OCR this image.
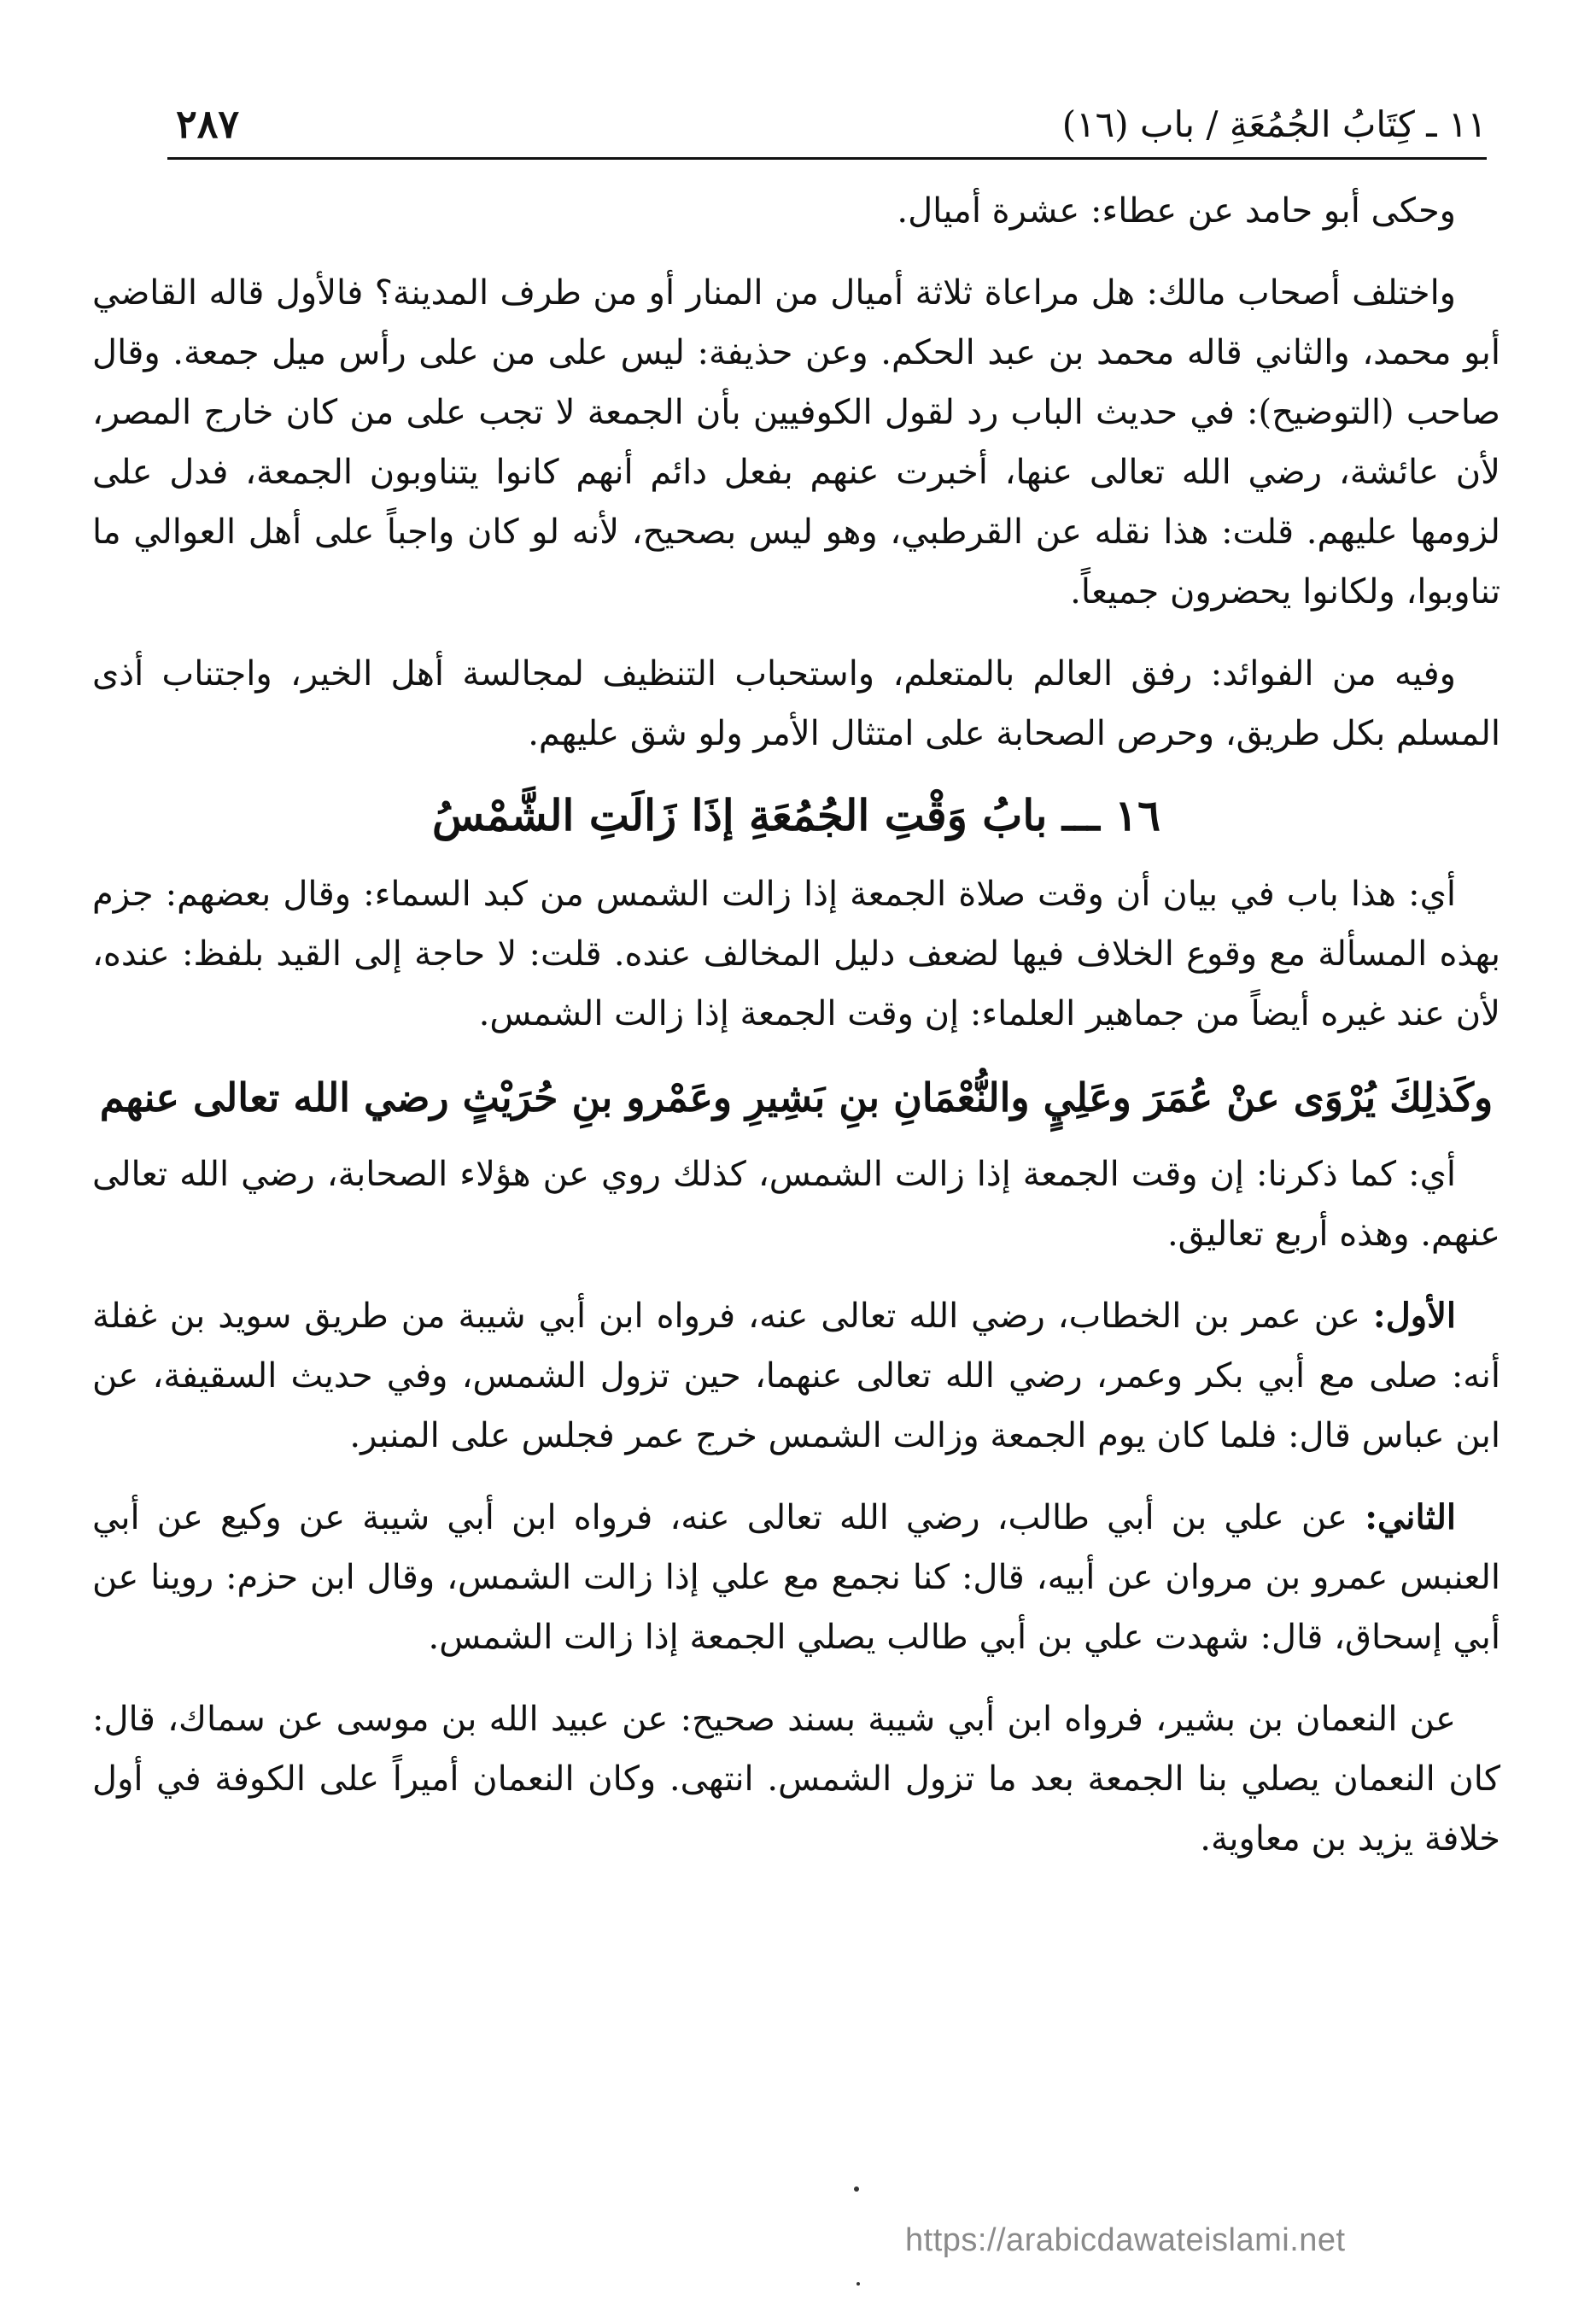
١١ ـ كِتَابُ الجُمُعَةِ / باب (١٦)
٢٨٧

وحكى أبو حامد عن عطاء: عشرة أميال.

واختلف أصحاب مالك: هل مراعاة ثلاثة أميال من المنار أو من طرف المدينة؟ فالأول قاله القاضي أبو محمد، والثاني قاله محمد بن عبد الحكم. وعن حذيفة: ليس على من على رأس ميل جمعة. وقال صاحب (التوضيح): في حديث الباب رد لقول الكوفيين بأن الجمعة لا تجب على من كان خارج المصر، لأن عائشة، رضي الله تعالى عنها، أخبرت عنهم بفعل دائم أنهم كانوا يتناوبون الجمعة، فدل على لزومها عليهم. قلت: هذا نقله عن القرطبي، وهو ليس بصحيح، لأنه لو كان واجباً على أهل العوالي ما تناوبوا، ولكانوا يحضرون جميعاً.

وفيه من الفوائد: رفق العالم بالمتعلم، واستحباب التنظيف لمجالسة أهل الخير، واجتناب أذى المسلم بكل طريق، وحرص الصحابة على امتثال الأمر ولو شق عليهم.

١٦ ـــ بابُ وَقْتِ الجُمُعَةِ إذَا زَالَتِ الشَّمْسُ

أي: هذا باب في بيان أن وقت صلاة الجمعة إذا زالت الشمس من كبد السماء: وقال بعضهم: جزم بهذه المسألة مع وقوع الخلاف فيها لضعف دليل المخالف عنده. قلت: لا حاجة إلى القيد بلفظ: عنده، لأن عند غيره أيضاً من جماهير العلماء: إن وقت الجمعة إذا زالت الشمس.

وكَذلِكَ يُرْوَى عنْ عُمَرَ وعَلِيٍ والنُّعْمَانِ بنِ بَشِيرِ وعَمْرو بنِ حُرَيْثٍ رضي الله تعالى عنهم

أي: كما ذكرنا: إن وقت الجمعة إذا زالت الشمس، كذلك روي عن هؤلاء الصحابة، رضي الله تعالى عنهم. وهذه أربع تعاليق.

الأول: عن عمر بن الخطاب، رضي الله تعالى عنه، فرواه ابن أبي شيبة من طريق سويد بن غفلة أنه: صلى مع أبي بكر وعمر، رضي الله تعالى عنهما، حين تزول الشمس، وفي حديث السقيفة، عن ابن عباس قال: فلما كان يوم الجمعة وزالت الشمس خرج عمر فجلس على المنبر.

الثاني: عن علي بن أبي طالب، رضي الله تعالى عنه، فرواه ابن أبي شيبة عن وكيع عن أبي العنبس عمرو بن مروان عن أبيه، قال: كنا نجمع مع علي إذا زالت الشمس، وقال ابن حزم: روينا عن أبي إسحاق، قال: شهدت علي بن أبي طالب يصلي الجمعة إذا زالت الشمس.

عن النعمان بن بشير، فرواه ابن أبي شيبة بسند صحيح: عن عبيد الله بن موسى عن سماك، قال: كان النعمان يصلي بنا الجمعة بعد ما تزول الشمس. انتهى. وكان النعمان أميراً على الكوفة في أول خلافة يزيد بن معاوية.

https://arabicdawateislami.net
